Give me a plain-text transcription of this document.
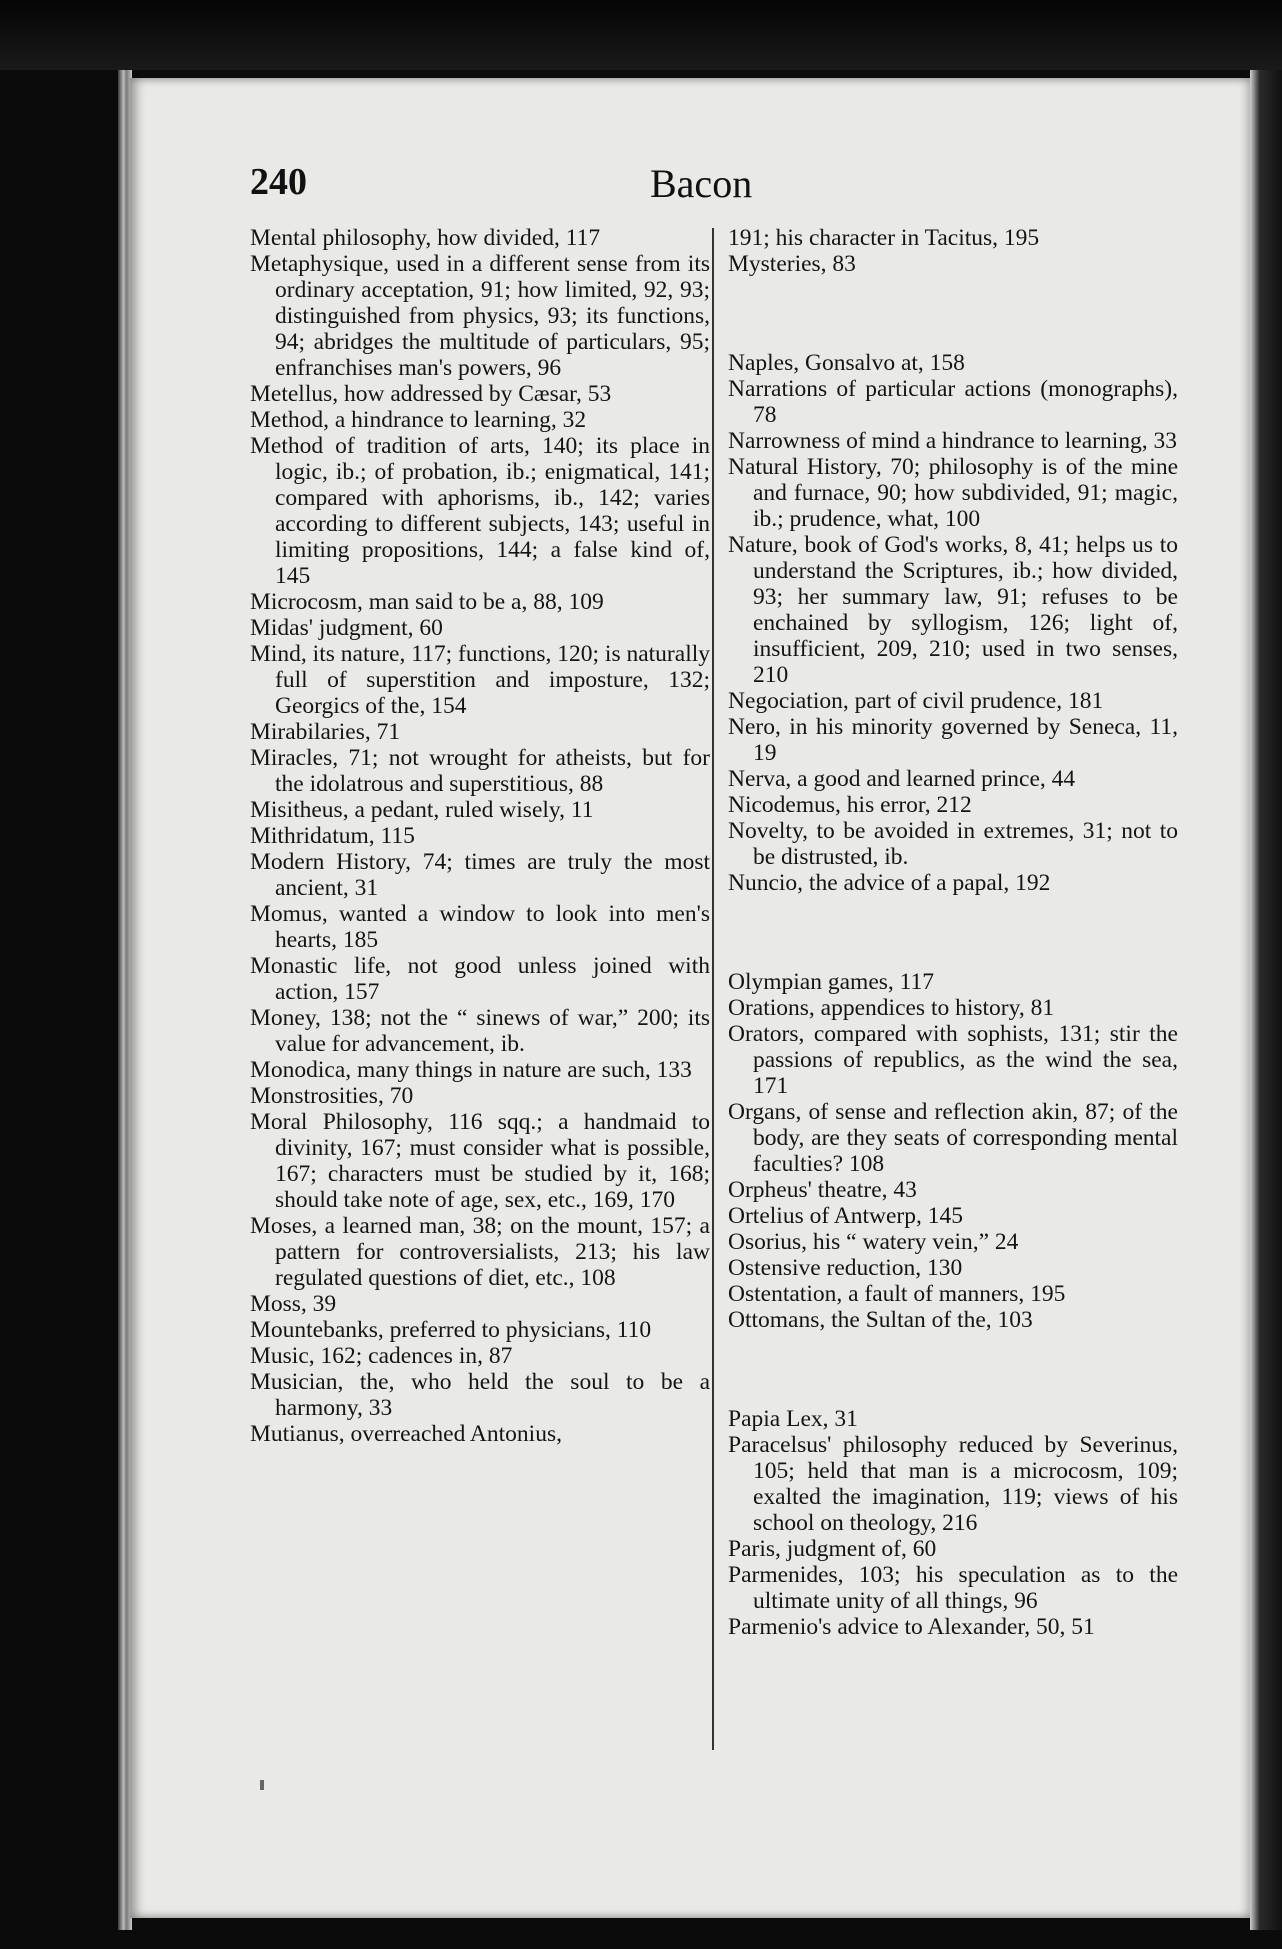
240	Bacon

Mental philosophy, how divided, 117

Metaphysique, used in a different sense from its ordinary acceptation, 91; how limited, 92, 93; distinguished from physics, 93; its functions, 94; abridges the multitude of particulars, 95; enfranchises man's powers, 96

Metellus, how addressed by Cæsar, 53

Method, a hindrance to learning, 32

Method of tradition of arts, 140; its place in logic, ib.; of probation, ib.; enigmatical, 141; compared with aphorisms, ib., 142; varies according to different subjects, 143; useful in limiting propositions, 144; a false kind of, 145

Microcosm, man said to be a, 88, 109

Midas' judgment, 60

Mind, its nature, 117; functions, 120; is naturally full of superstition and imposture, 132; Georgics of the, 154

Mirabilaries, 71

Miracles, 71; not wrought for atheists, but for the idolatrous and superstitious, 88

Misitheus, a pedant, ruled wisely, 11

Mithridatum, 115

Modern History, 74; times are truly the most ancient, 31

Momus, wanted a window to look into men's hearts, 185

Monastic life, not good unless joined with action, 157

Money, 138; not the “ sinews of war,” 200; its value for advancement, ib.

Monodica, many things in nature are such, 133

Monstrosities, 70

Moral Philosophy, 116 sqq.; a handmaid to divinity, 167; must consider what is possible, 167; characters must be studied by it, 168; should take note of age, sex, etc., 169, 170

Moses, a learned man, 38; on the mount, 157; a pattern for controversialists, 213; his law regulated questions of diet, etc., 108

Moss, 39

Mountebanks, preferred to physicians, 110

Music, 162; cadences in, 87

Musician, the, who held the soul to be a harmony, 33

Mutianus, overreached Antonius,

191; his character in Tacitus, 195

Mysteries, 83

Naples, Gonsalvo at, 158

Narrations of particular actions (monographs), 78

Narrowness of mind a hindrance to learning, 33

Natural History, 70; philosophy is of the mine and furnace, 90; how subdivided, 91; magic, ib.; prudence, what, 100

Nature, book of God's works, 8, 41; helps us to understand the Scriptures, ib.; how divided, 93; her summary law, 91; refuses to be enchained by syllogism, 126; light of, insufficient, 209, 210; used in two senses, 210

Negociation, part of civil prudence, 181

Nero, in his minority governed by Seneca, 11, 19

Nerva, a good and learned prince, 44

Nicodemus, his error, 212

Novelty, to be avoided in extremes, 31; not to be distrusted, ib.

Nuncio, the advice of a papal, 192

Olympian games, 117

Orations, appendices to history, 81

Orators, compared with sophists, 131; stir the passions of republics, as the wind the sea, 171

Organs, of sense and reflection akin, 87; of the body, are they seats of corresponding mental faculties? 108

Orpheus' theatre, 43

Ortelius of Antwerp, 145

Osorius, his “ watery vein,” 24

Ostensive reduction, 130

Ostentation, a fault of manners, 195

Ottomans, the Sultan of the, 103

Papia Lex, 31

Paracelsus' philosophy reduced by Severinus, 105; held that man is a microcosm, 109; exalted the imagination, 119; views of his school on theology, 216

Paris, judgment of, 60

Parmenides, 103; his speculation as to the ultimate unity of all things, 96

Parmenio's advice to Alexander, 50, 51
